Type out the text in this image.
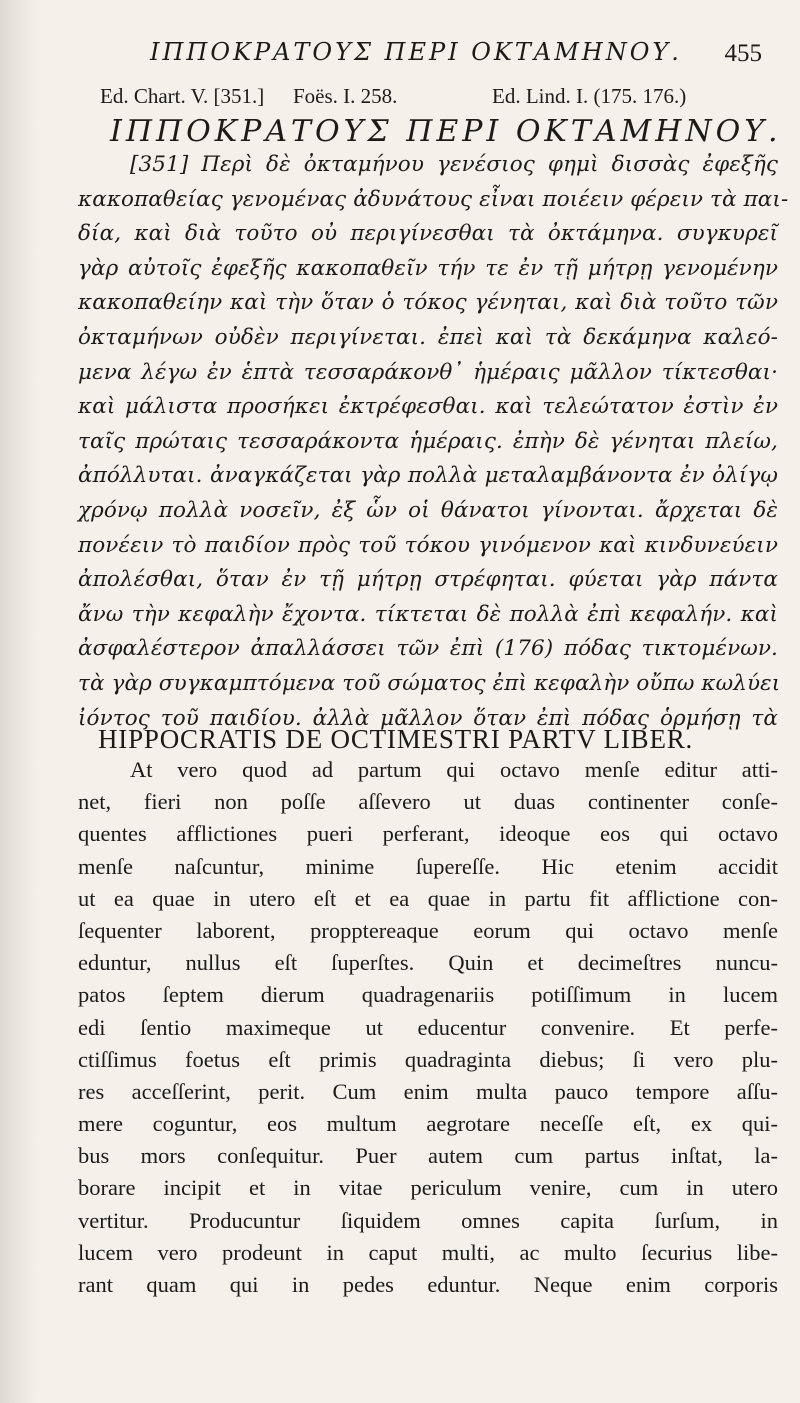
ΙΠΠΟΚΡΑΤΟΥΣ ΠΕΡΙ ΟΚΤΑΜΗΝΟΥ. 455
Ed. Chart. V. [351.] Foës. I. 258.	Ed. Lind. I. (175. 176.)
ΙΠΠΟΚΡΑΤΟΥΣ ΠΕΡΙ ΟΚΤΑΜΗΝΟΥ.
[351] Περὶ δὲ ὀκταμήνου γενέσιος φημὶ δισσὰς ἐφεξῆς
κακοπαθείας γενομένας ἀδυνάτους εἶναι ποιέειν φέρειν τὰ παι-
δία, καὶ διὰ τοῦτο οὐ περιγίνεσθαι τὰ ὀκτάμηνα. συγκυρεῖ
γὰρ αὐτοῖς ἐφεξῆς κακοπαθεῖν τήν τε ἐν τῇ μήτρῃ γενομένην
κακοπαθείην καὶ τὴν ὅταν ὁ τόκος γένηται, καὶ διὰ τοῦτο τῶν
ὀκταμήνων οὐδὲν περιγίνεται. ἐπεὶ καὶ τὰ δεκάμηνα καλεό-
μενα λέγω ἐν ἑπτὰ τεσσαράκονθ᾽ ἡμέραις μᾶλλον τίκτεσθαι·
καὶ μάλιστα προσήκει ἐκτρέφεσθαι. καὶ τελεώτατον ἐστὶν ἐν
ταῖς πρώταις τεσσαράκοντα ἡμέραις. ἐπὴν δὲ γένηται πλείω,
ἀπόλλυται. ἀναγκάζεται γὰρ πολλὰ μεταλαμβάνοντα ἐν ὀλίγῳ
χρόνῳ πολλὰ νοσεῖν, ἐξ ὧν οἱ θάνατοι γίνονται. ἄρχεται δὲ
πονέειν τὸ παιδίον πρὸς τοῦ τόκου γινόμενον καὶ κινδυνεύειν
ἀπολέσθαι, ὅταν ἐν τῇ μήτρῃ στρέφηται. φύεται γὰρ πάντα
ἄνω τὴν κεφαλὴν ἔχοντα. τίκτεται δὲ πολλὰ ἐπὶ κεφαλήν. καὶ
ἀσφαλέστερον ἀπαλλάσσει τῶν ἐπὶ (176) πόδας τικτομένων.
τὰ γὰρ συγκαμπτόμενα τοῦ σώματος ἐπὶ κεφαλὴν οὔπω κωλύει
ἰόντος τοῦ παιδίου. ἀλλὰ μᾶλλον ὅταν ἐπὶ πόδας ὁρμήσῃ τὰ
HIPPOCRATIS DE OCTIMESTRI PARTV LIBER.
At vero quod ad partum qui octavo menſe editur atti-
net, fieri non poſſe aſſevero ut duas continenter conſe-
quentes afflictiones pueri perferant, ideoque eos qui octavo
menſe naſcuntur, minime ſupereſſe. Hic etenim accidit
ut ea quae in utero eſt et ea quae in partu fit afflictione con-
ſequenter laborent, propptereaque eorum qui octavo menſe
eduntur, nullus eſt ſuperſtes. Quin et decimeſtres nuncu-
patos ſeptem dierum quadragenariis potiſſimum in lucem
edi ſentio maximeque ut educentur convenire. Et perfe-
ctiſſimus foetus eſt primis quadraginta diebus; ſi vero plu-
res acceſſerint, perit. Cum enim multa pauco tempore aſſu-
mere coguntur, eos multum aegrotare neceſſe eſt, ex qui-
bus mors conſequitur. Puer autem cum partus inſtat, la-
borare incipit et in vitae periculum venire, cum in utero
vertitur. Producuntur ſiquidem omnes capita ſurſum, in
lucem vero prodeunt in caput multi, ac multo ſecurius libe-
rant quam qui in pedes eduntur. Neque enim corporis
